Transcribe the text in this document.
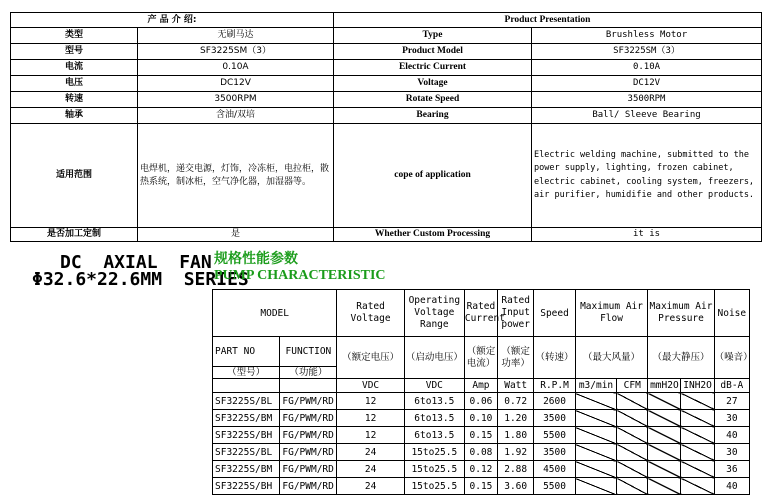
产 品 介 绍:		Product Presentation	
类型	无刷马达	Type	Brushless Motor
型号	SF3225SM（3）	Product Model	SF3225SM（3）
电流	0.10A	Electric Current	0.10A
电压	DC12V	Voltage	DC12V
转速	3500RPM	Rotate Speed	3500RPM
轴承	含油/双培	Bearing	Ball/ Sleeve Bearing
适用范围	电焊机，递交电源，灯饰，冷冻柜，电拉柜，散热系统，制冰柜，空气净化器，加湿器等。	cope of application	Electric welding machine, submitted to the power supply, lighting, frozen cabinet, electric cabinet, cooling system, freezers, air purifier, humidifie and other products.
是否加工定制	是	Whether Custom Processing	it is
DC  AXIAL  FAN
Φ32.6*22.6MM  SERIES
规格性能参数
PUMP CHARACTERISTIC
MODEL		Rated Voltage	Operating Voltage Range	Rated Current	Rated Input power	Speed	Maximum Air Flow		Maximum Air Pressure		Noise
PART NO	FUNCTION	（额定电压）	（启动电压）	（额定电流）	（额定功率）	（转速）	（最大风量）		（最大静压）		（噪音）
（型号）	（功能）										
		VDC	VDC	Amp	Watt	R.P.M	m3/min	CFM	mmH2O	INH2O	dB-A
SF3225S/BL	FG/PWM/RD	12	6to13.5	0.06	0.72	2600					27
SF3225S/BM	FG/PWM/RD	12	6to13.5	0.10	1.20	3500					30
SF3225S/BH	FG/PWM/RD	12	6to13.5	0.15	1.80	5500					40
SF3225S/BL	FG/PWM/RD	24	15to25.5	0.08	1.92	3500					30
SF3225S/BM	FG/PWM/RD	24	15to25.5	0.12	2.88	4500					36
SF3225S/BH	FG/PWM/RD	24	15to25.5	0.15	3.60	5500					40
